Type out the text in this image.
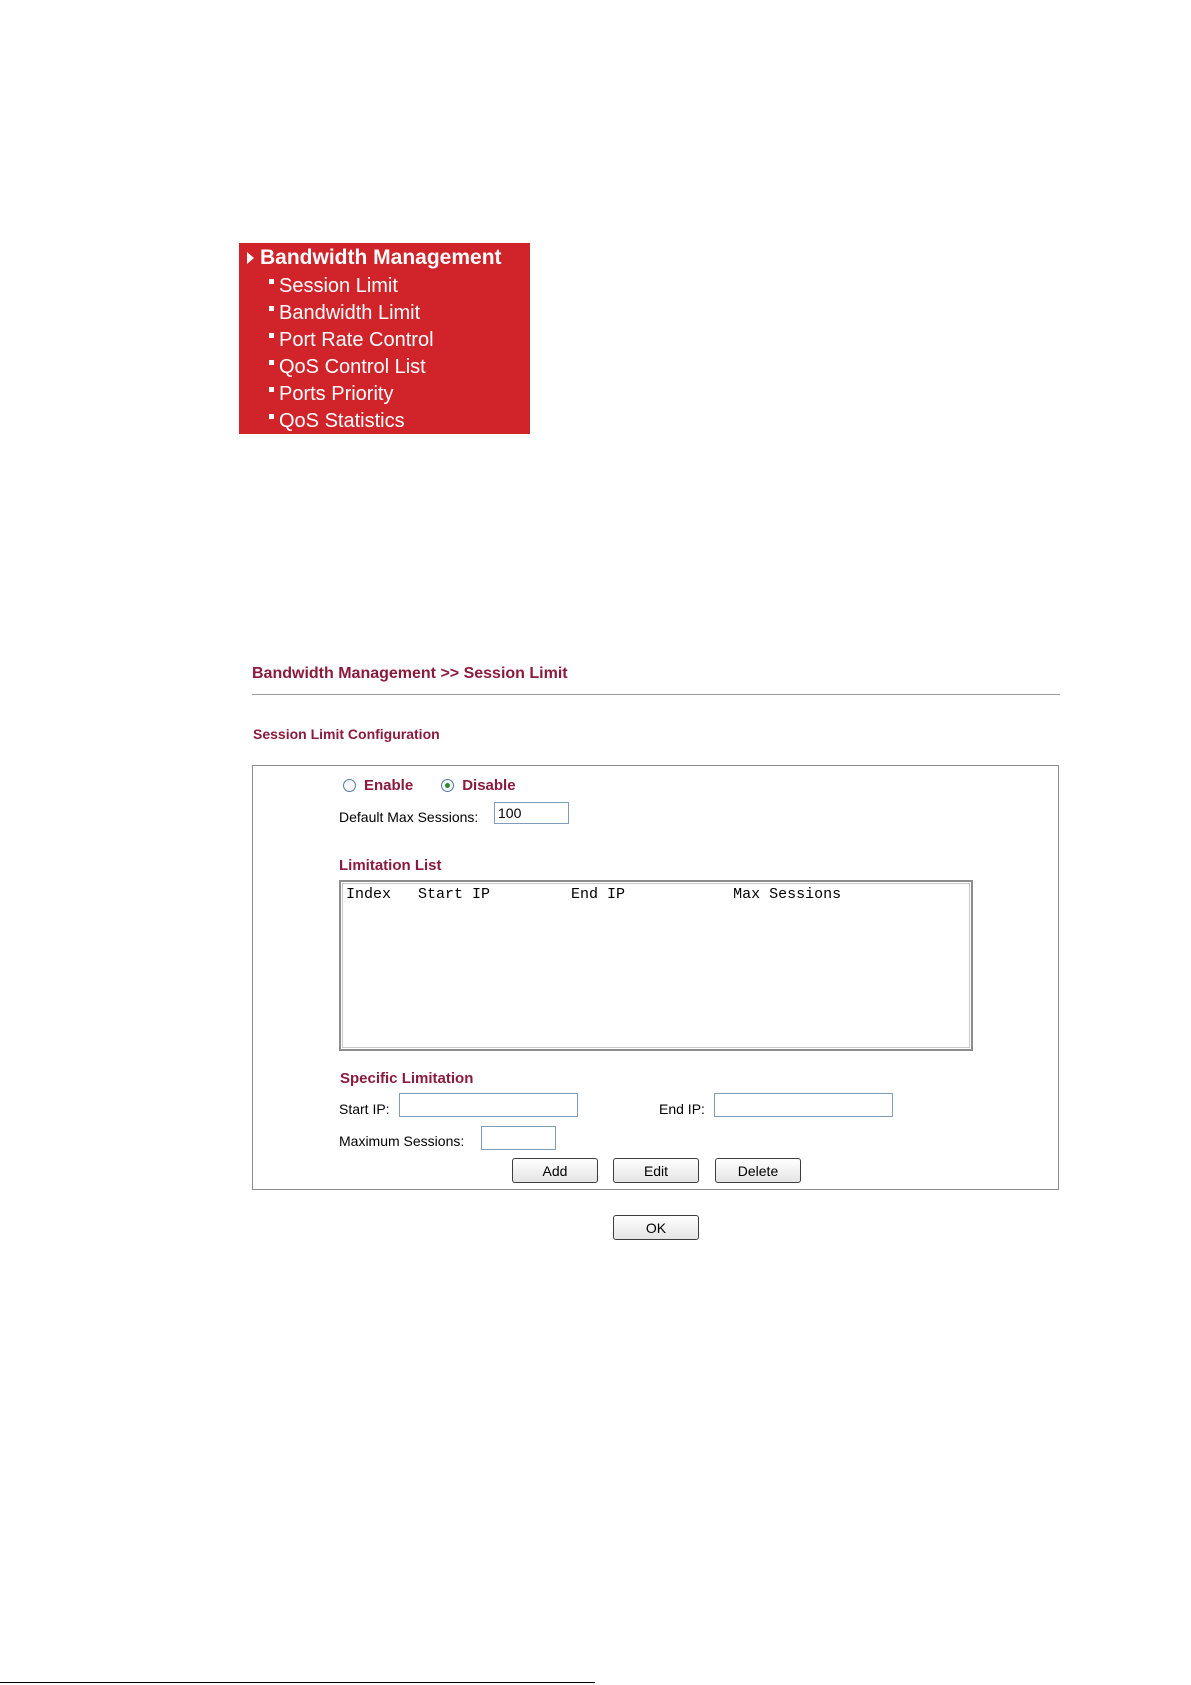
Bandwidth Management
Session Limit
Bandwidth Limit
Port Rate Control
QoS Control List
Ports Priority
QoS Statistics
Bandwidth Management >> Session Limit
Session Limit Configuration
Enable	Disable
Default Max Sessions:
100
Limitation List
Index   Start IP         End IP            Max Sessions
Specific Limitation
Start IP:	End IP:
Maximum Sessions:
Add	Edit	Delete
OK
